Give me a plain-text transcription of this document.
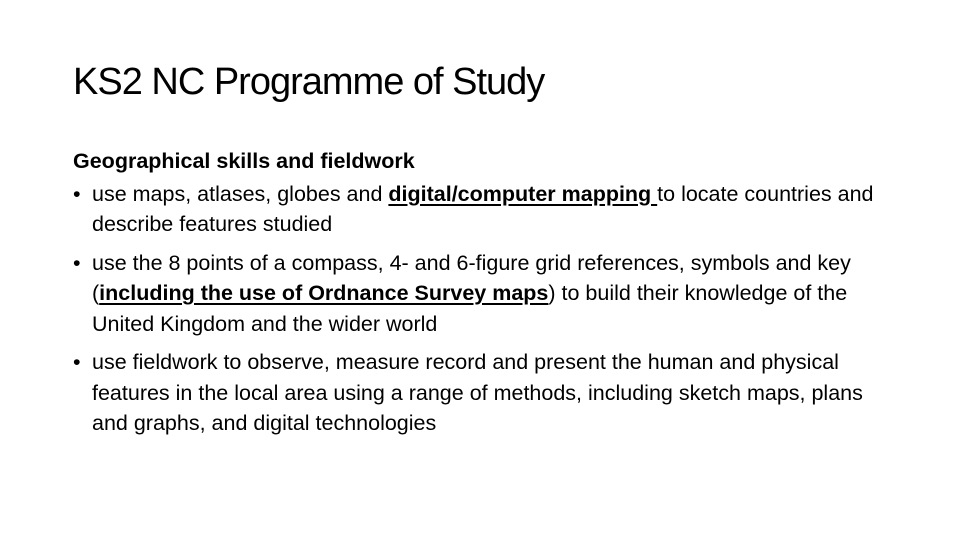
KS2 NC Programme of Study
Geographical skills and fieldwork
• use maps, atlases, globes and digital/computer mapping to locate countries and describe features studied
• use the 8 points of a compass, 4- and 6-figure grid references, symbols and key (including the use of Ordnance Survey maps) to build their knowledge of the United Kingdom and the wider world
• use fieldwork to observe, measure record and present the human and physical features in the local area using a range of methods, including sketch maps, plans and graphs, and digital technologies
